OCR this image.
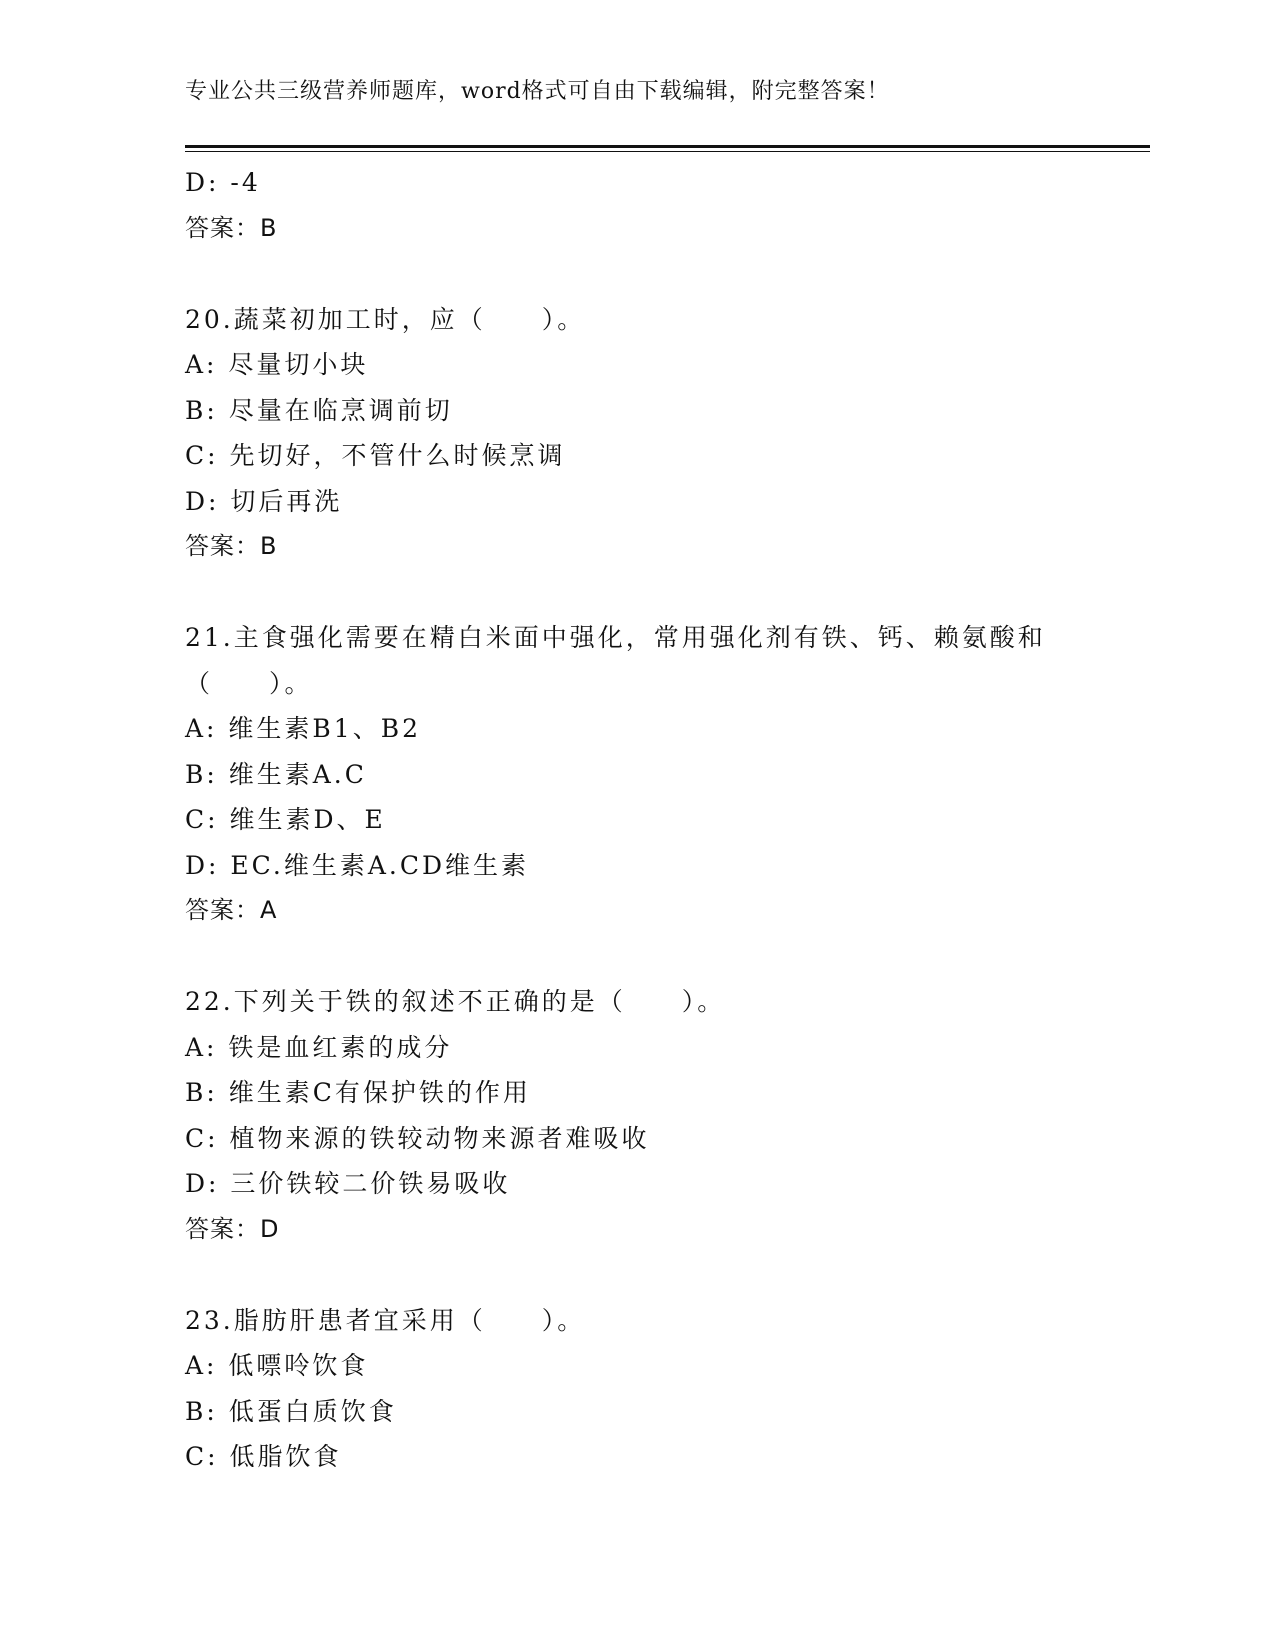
专业公共三级营养师题库，word格式可自由下载编辑，附完整答案！
D: -4
答案：B
20.蔬菜初加工时，应（　　）。
A: 尽量切小块
B: 尽量在临烹调前切
C: 先切好，不管什么时候烹调
D: 切后再洗
答案：B
21.主食强化需要在精白米面中强化，常用强化剂有铁、钙、赖氨酸和
（　　）。
A: 维生素B1、B2
B: 维生素A.C
C: 维生素D、E
D: EC.维生素A.CD维生素
答案：A
22.下列关于铁的叙述不正确的是（　　）。
A: 铁是血红素的成分
B: 维生素C有保护铁的作用
C: 植物来源的铁较动物来源者难吸收
D: 三价铁较二价铁易吸收
答案：D
23.脂肪肝患者宜采用（　　）。
A: 低嘌呤饮食
B: 低蛋白质饮食
C: 低脂饮食
